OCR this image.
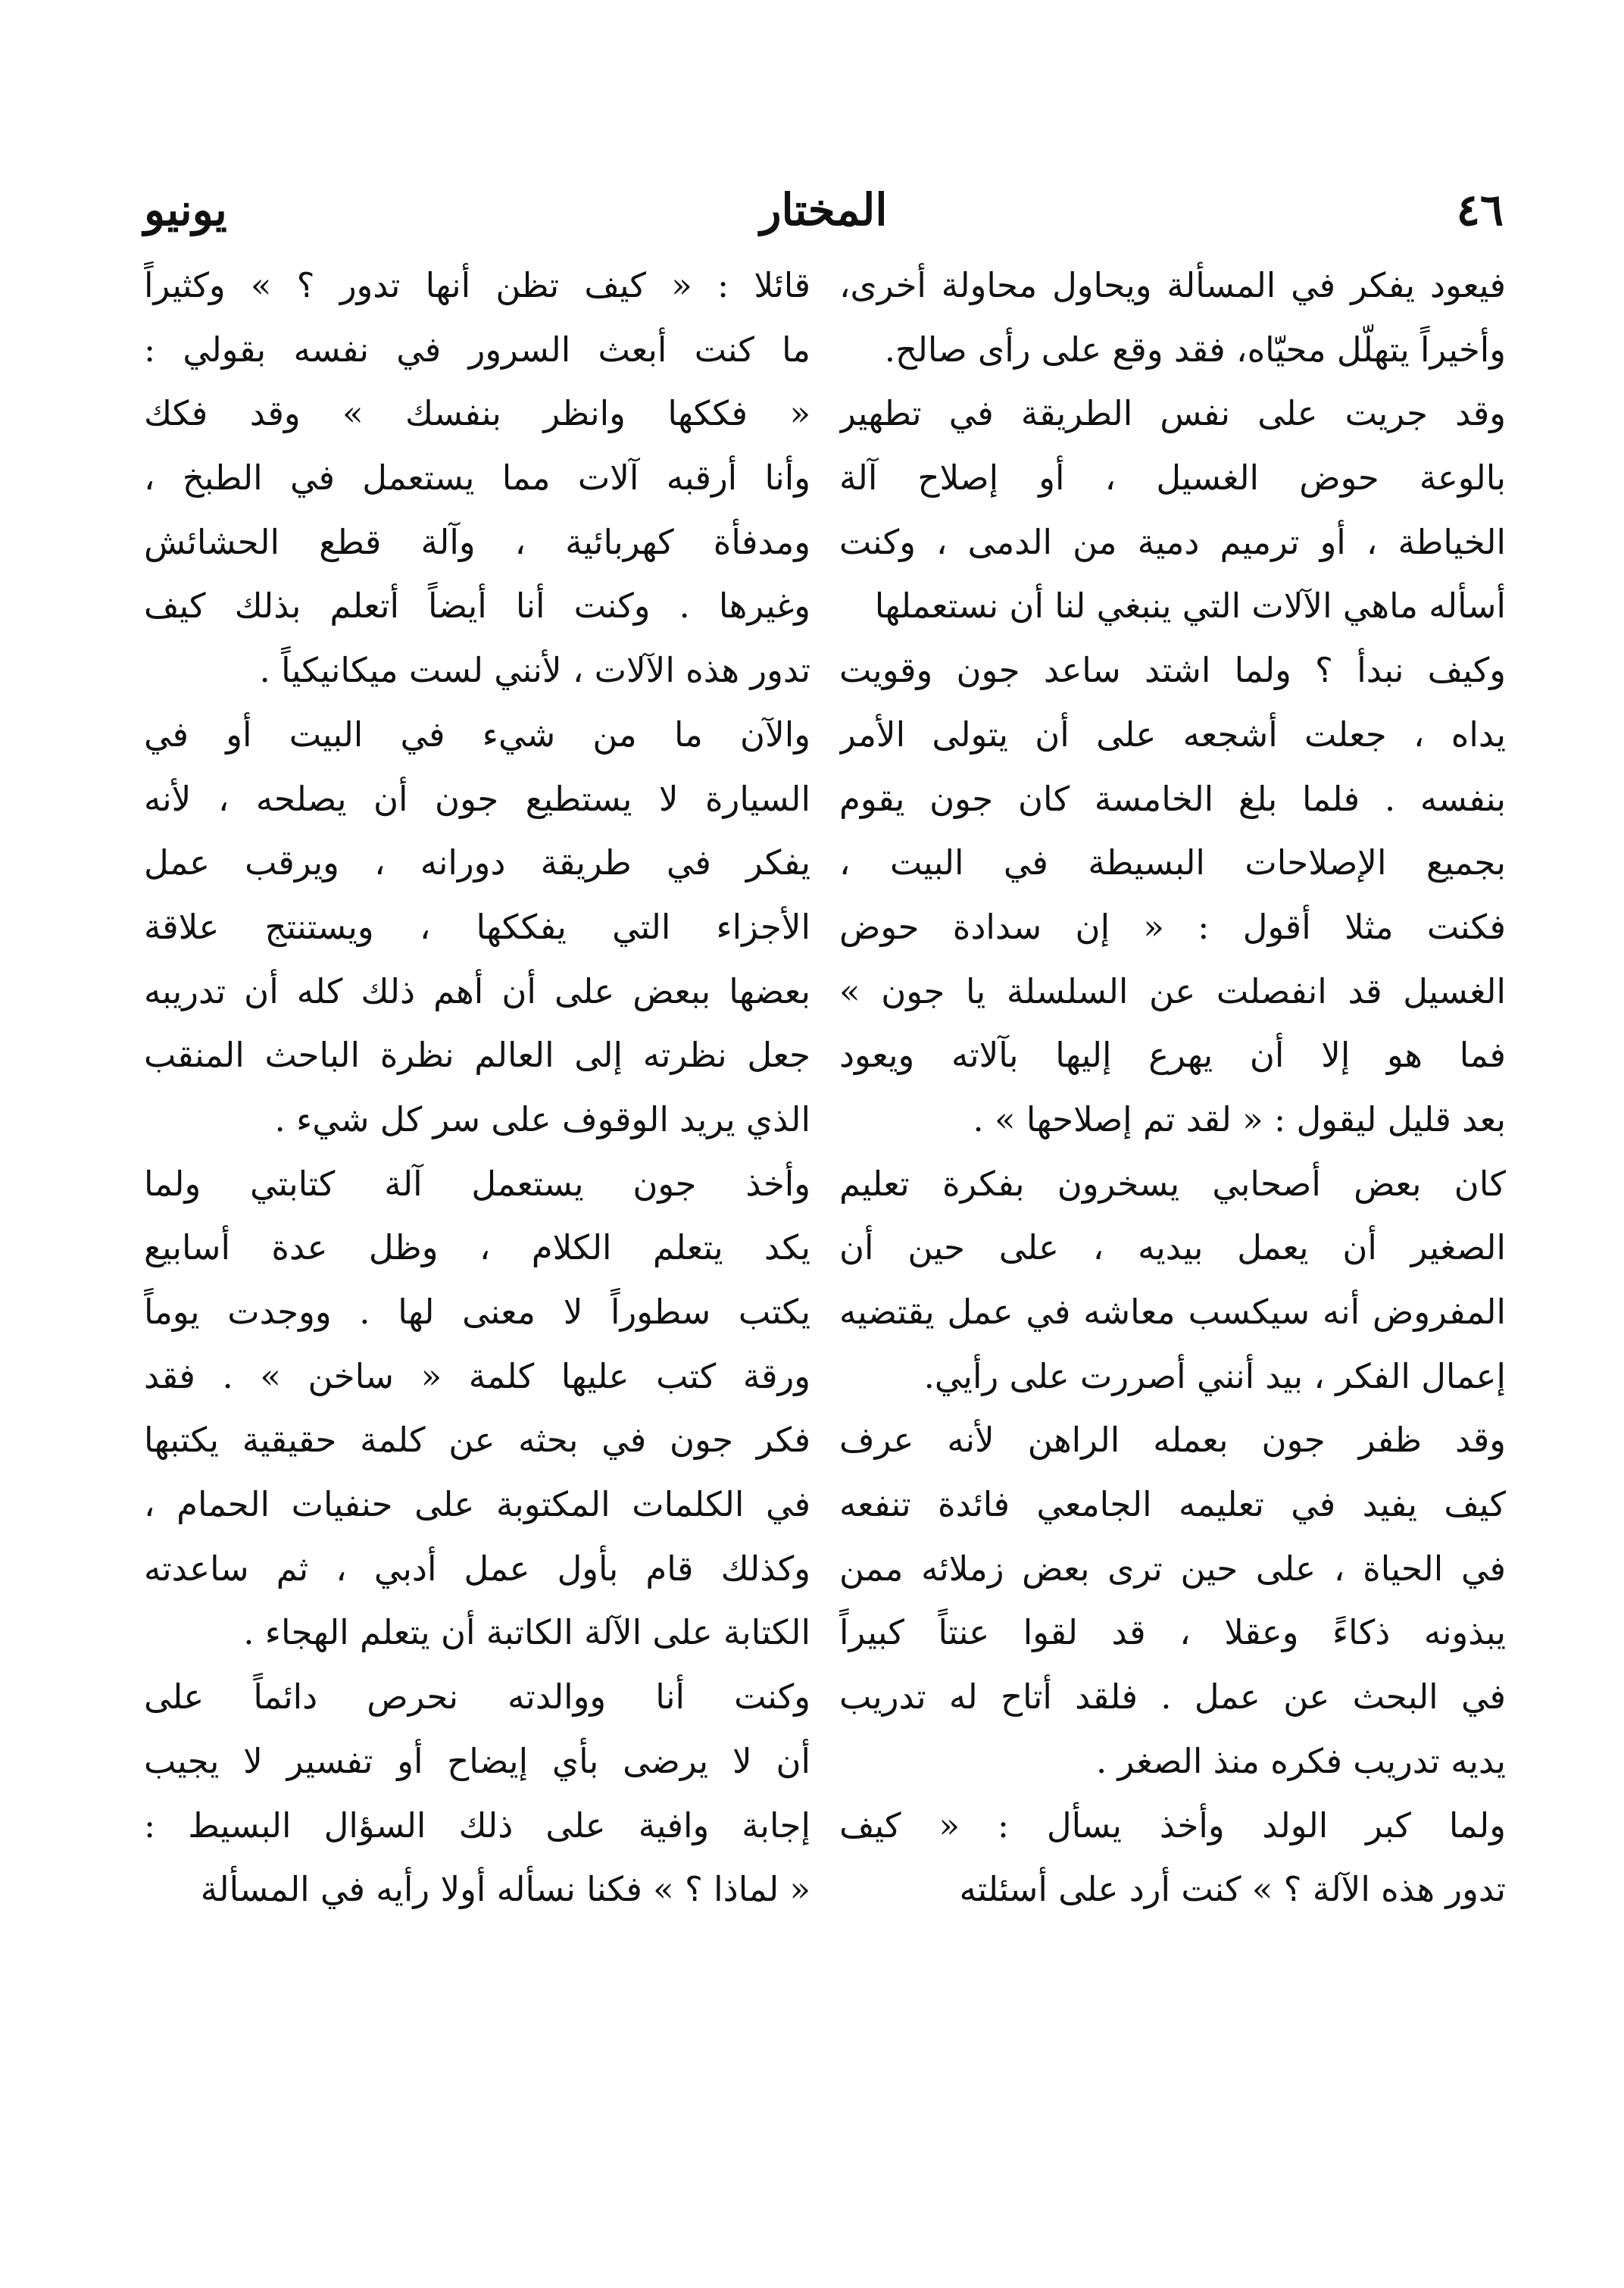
٤٦
المختار
يونيو
فيعود يفكر في المسألة ويحاول محاولة أخرى،
وأخيراً يتهلّل محيّاه، فقد وقع على رأى صالح.
وقد جريت على نفس الطريقة في تطهير
بالوعة حوض الغسيل ، أو إصلاح آلة
الخياطة ، أو ترميم دمية من الدمى ، وكنت
أسأله ماهي الآلات التي ينبغي لنا أن نستعملها
وكيف نبدأ ؟ ولما اشتد ساعد جون وقويت
يداه ، جعلت أشجعه على أن يتولى الأمر
بنفسه . فلما بلغ الخامسة كان جون يقوم
بجميع الإصلاحات البسيطة في البيت ،
فكنت مثلا أقول : « إن سدادة حوض
الغسيل قد انفصلت عن السلسلة يا جون »
فما هو إلا أن يهرع إليها بآلاته ويعود
بعد قليل ليقول : « لقد تم إصلاحها » .
كان بعض أصحابي يسخرون بفكرة تعليم
الصغير أن يعمل بيديه ، على حين أن
المفروض أنه سيكسب معاشه في عمل يقتضيه
إعمال الفكر ، بيد أنني أصررت على رأيي.
وقد ظفر جون بعمله الراهن لأنه عرف
كيف يفيد في تعليمه الجامعي فائدة تنفعه
في الحياة ، على حين ترى بعض زملائه ممن
يبذونه ذكاءً وعقلا ، قد لقوا عنتاً كبيراً
في البحث عن عمل . فلقد أتاح له تدريب
يديه تدريب فكره منذ الصغر .
ولما كبر الولد وأخذ يسأل : « كيف
تدور هذه الآلة ؟ » كنت أرد على أسئلته
قائلا : « كيف تظن أنها تدور ؟ » وكثيراً
ما كنت أبعث السرور في نفسه بقولي :
« فككها وانظر بنفسك » وقد فكك
وأنا أرقبه آلات مما يستعمل في الطبخ ،
ومدفأة كهربائية ، وآلة قطع الحشائش
وغيرها . وكنت أنا أيضاً أتعلم بذلك كيف
تدور هذه الآلات ، لأنني لست ميكانيكياً .
والآن ما من شيء في البيت أو في
السيارة لا يستطيع جون أن يصلحه ، لأنه
يفكر في طريقة دورانه ، ويرقب عمل
الأجزاء التي يفككها ، ويستنتج علاقة
بعضها ببعض على أن أهم ذلك كله أن تدريبه
جعل نظرته إلى العالم نظرة الباحث المنقب
الذي يريد الوقوف على سر كل شيء .
وأخذ جون يستعمل آلة كتابتي ولما
يكد يتعلم الكلام ، وظل عدة أسابيع
يكتب سطوراً لا معنى لها . ووجدت يوماً
ورقة كتب عليها كلمة « ساخن » . فقد
فكر جون في بحثه عن كلمة حقيقية يكتبها
في الكلمات المكتوبة على حنفيات الحمام ،
وكذلك قام بأول عمل أدبي ، ثم ساعدته
الكتابة على الآلة الكاتبة أن يتعلم الهجاء .
وكنت أنا ووالدته نحرص دائماً على
أن لا يرضى بأي إيضاح أو تفسير لا يجيب
إجابة وافية على ذلك السؤال البسيط :
« لماذا ؟ » فكنا نسأله أولا رأيه في المسألة
